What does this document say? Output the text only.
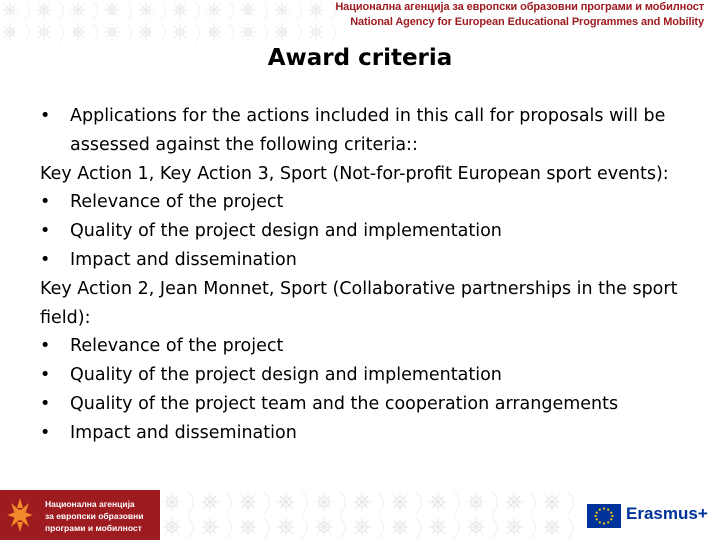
Национална агенција за европски образовни програми и мобилност
National Agency for European Educational Programmes and Mobility
Award criteria
•	Applications for the actions included in this call for proposals will be assessed against the following criteria::
Key Action 1, Key Action 3, Sport (Not-for-profit European sport events):
•	Relevance of the project
•	Quality of the project design and implementation
•	Impact and dissemination
Key Action 2, Jean Monnet, Sport (Collaborative partnerships in the sport field):
•	Relevance of the project
•	Quality of the project design and implementation
•	Quality of the project team and the cooperation arrangements
•	Impact and dissemination
Национална агенција
за европски образовни
програми и мобилност
Erasmus+
